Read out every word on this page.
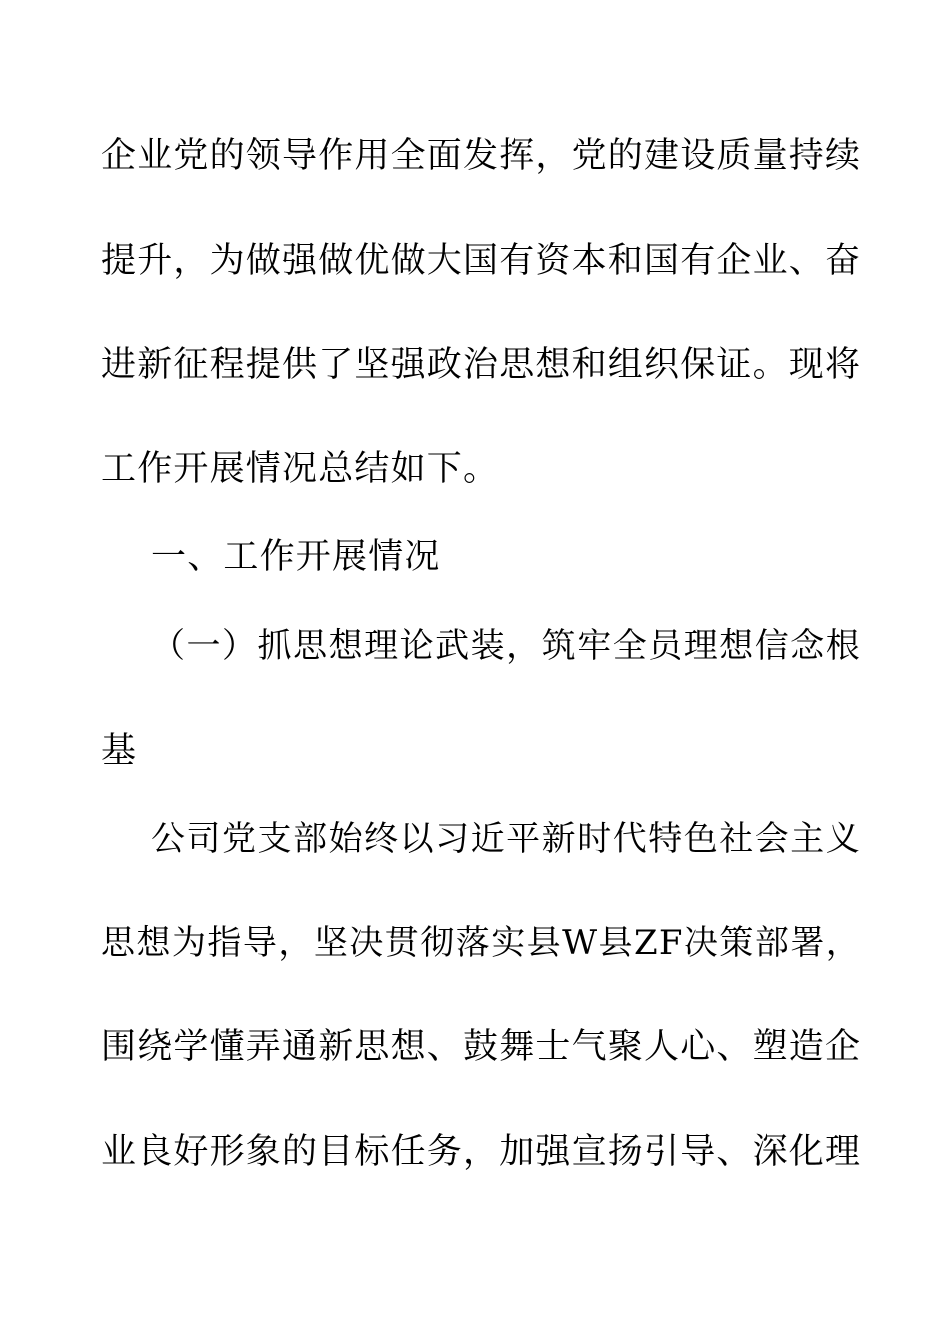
企业党的领导作用全面发挥，党的建设质量持续
提升，为做强做优做大国有资本和国有企业、奋
进新征程提供了坚强政治思想和组织保证。现将
工作开展情况总结如下。
一、工作开展情况
（一）抓思想理论武装，筑牢全员理想信念根
基
公司党支部始终以习近平新时代特色社会主义
思想为指导，坚决贯彻落实县W县ZF决策部署，
围绕学懂弄通新思想、鼓舞士气聚人心、塑造企
业良好形象的目标任务，加强宣扬引导、深化理
